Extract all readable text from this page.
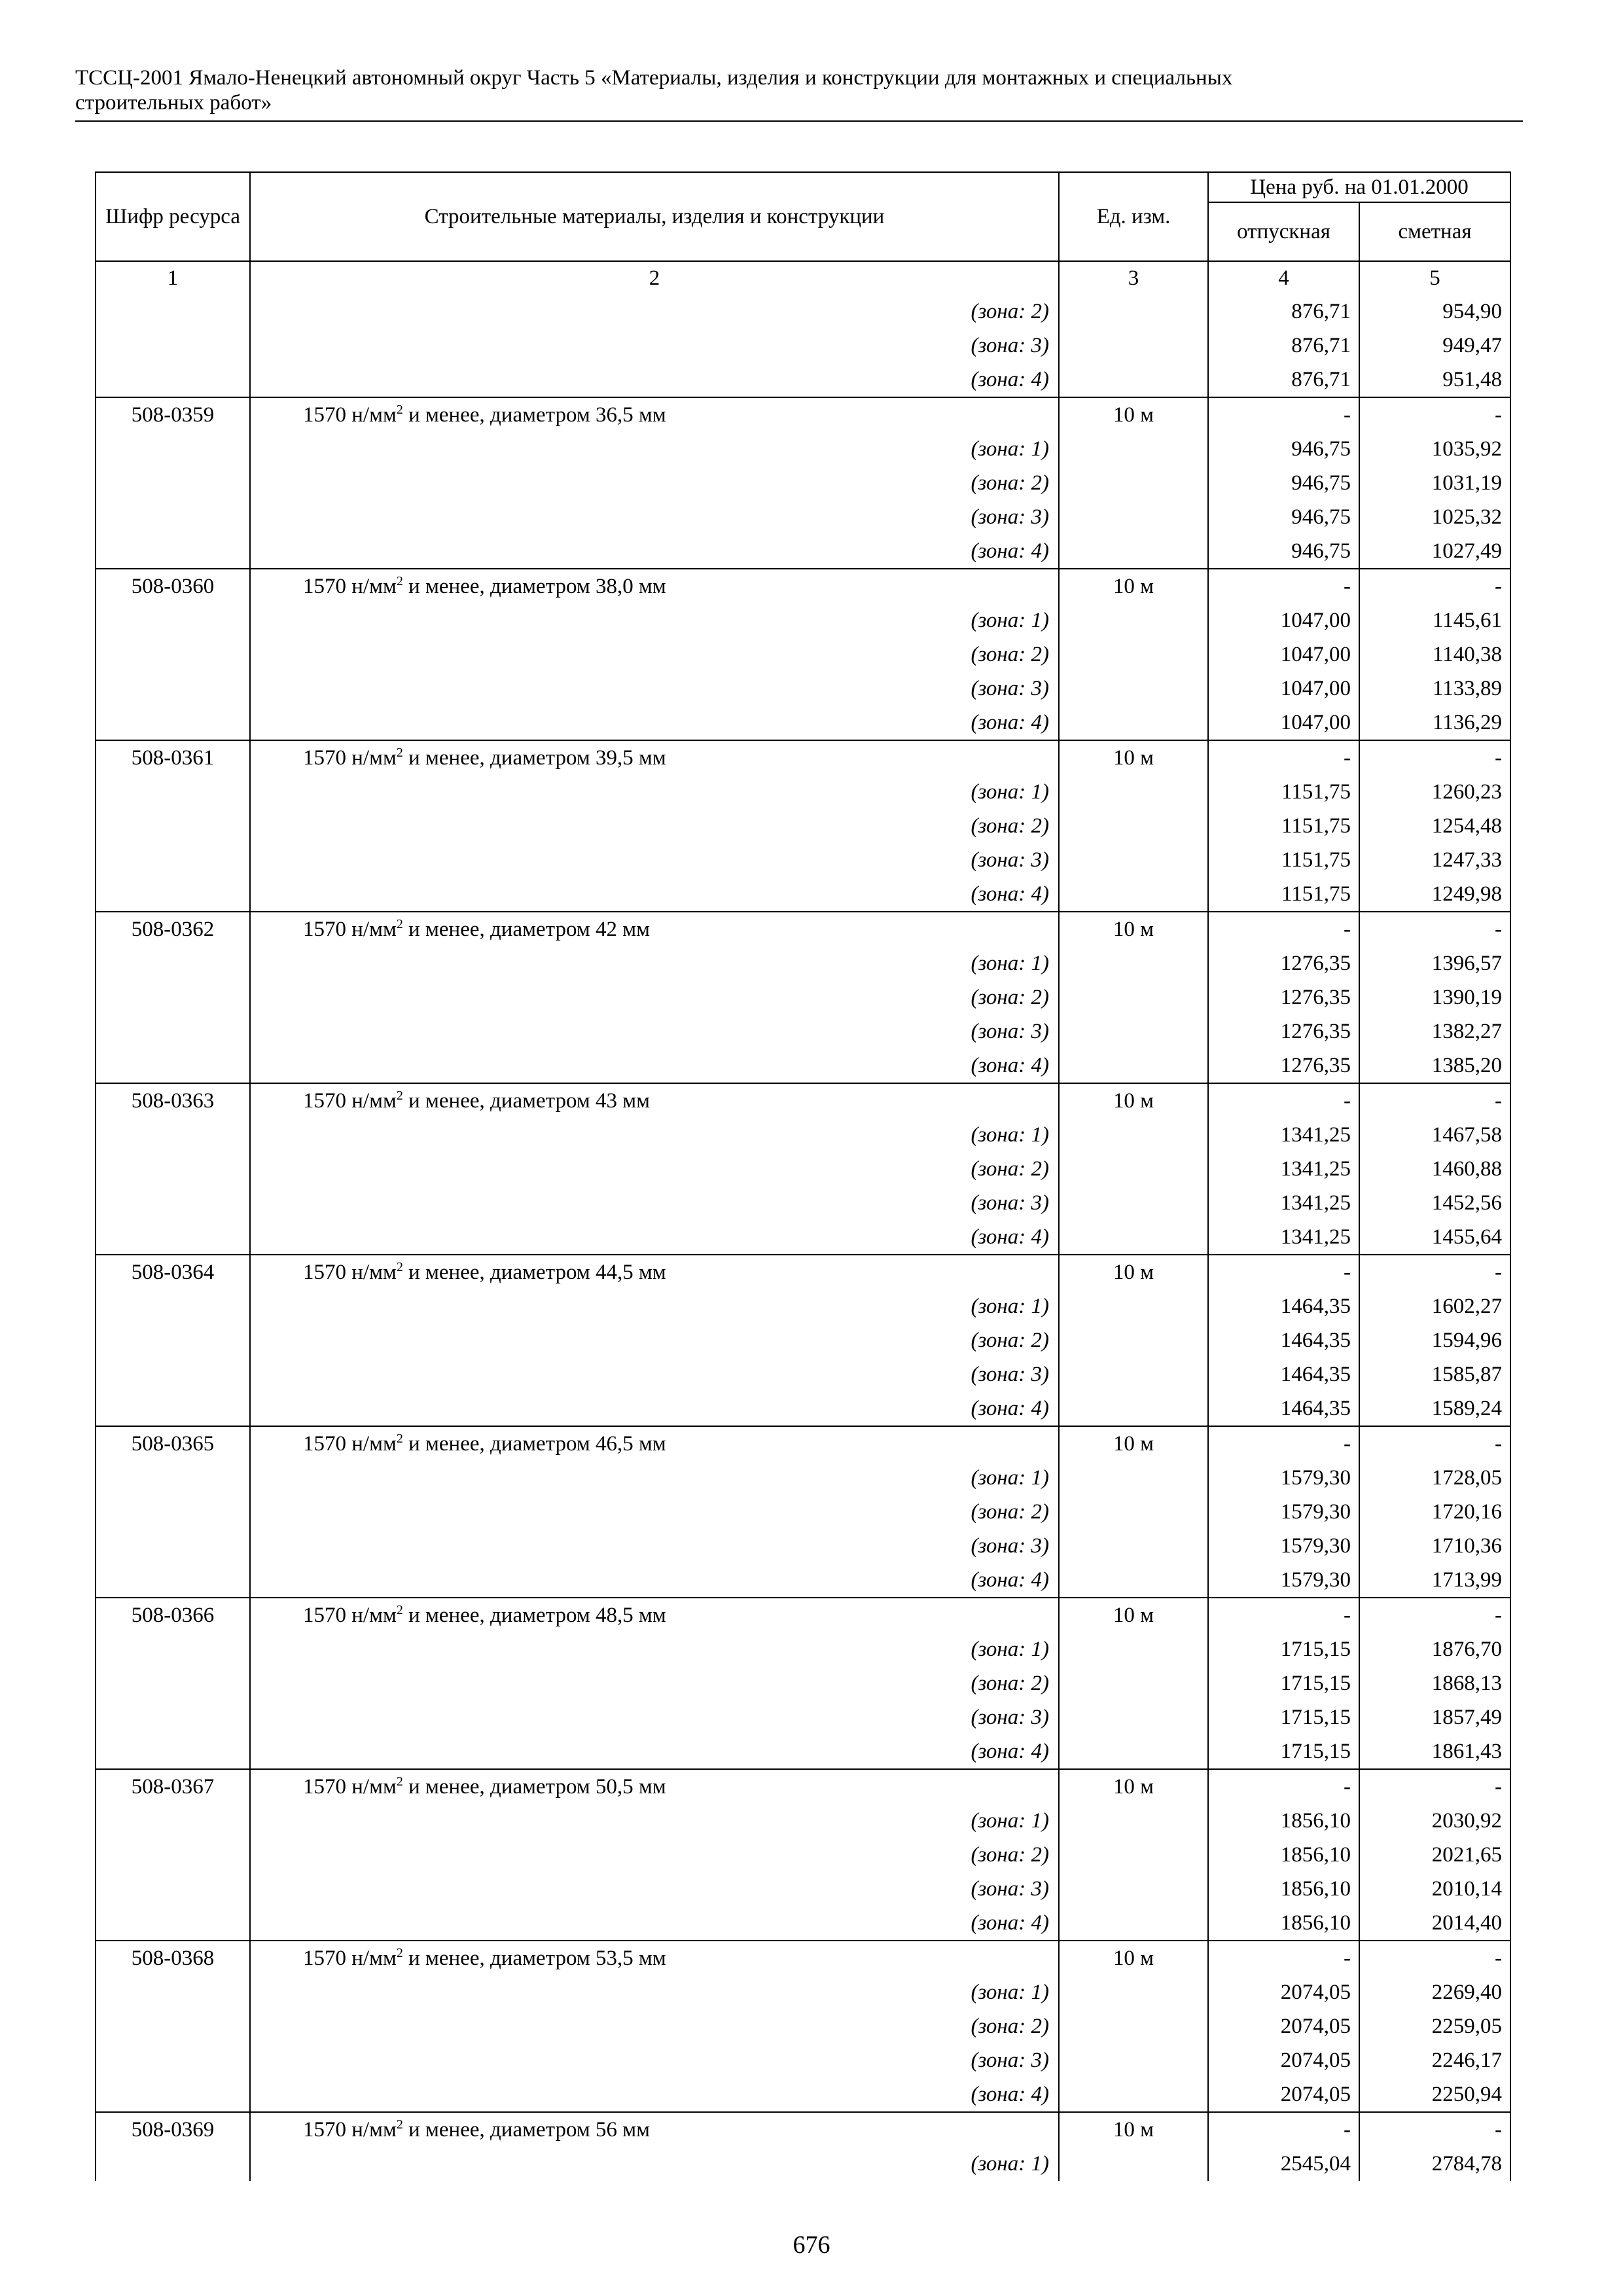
ТССЦ-2001 Ямало-Ненецкий автономный округ Часть 5 «Материалы, изделия и конструкции для монтажных и специальных
строительных работ»
Шифр ресурса	Строительные материалы, изделия и конструкции	Ед. изм.	Цена руб. на 01.01.2000	
			отпускная	сметная
1	2	3	4	5
	(зона: 2)		876,71	954,90
	(зона: 3)		876,71	949,47
	(зона: 4)		876,71	951,48
508-0359	1570 $н/мм^2$ и менее, диаметром 36,5 мм	10 м	-	-
	(зона: 1)		946,75	1035,92
	(зона: 2)		946,75	1031,19
	(зона: 3)		946,75	1025,32
	(зона: 4)		946,75	1027,49
508-0360	1570 $н/мм^2$ и менее, диаметром 38,0 мм	10 м	-	-
	(зона: 1)		1047,00	1145,61
	(зона: 2)		1047,00	1140,38
	(зона: 3)		1047,00	1133,89
	(зона: 4)		1047,00	1136,29
508-0361	1570 $н/мм^2$ и менее, диаметром 39,5 мм	10 м	-	-
	(зона: 1)		1151,75	1260,23
	(зона: 2)		1151,75	1254,48
	(зона: 3)		1151,75	1247,33
	(зона: 4)		1151,75	1249,98
508-0362	1570 $н/мм^2$ и менее, диаметром 42 мм	10 м	-	-
	(зона: 1)		1276,35	1396,57
	(зона: 2)		1276,35	1390,19
	(зона: 3)		1276,35	1382,27
	(зона: 4)		1276,35	1385,20
508-0363	1570 $н/мм^2$ и менее, диаметром 43 мм	10 м	-	-
	(зона: 1)		1341,25	1467,58
	(зона: 2)		1341,25	1460,88
	(зона: 3)		1341,25	1452,56
	(зона: 4)		1341,25	1455,64
508-0364	1570 $н/мм^2$ и менее, диаметром 44,5 мм	10 м	-	-
	(зона: 1)		1464,35	1602,27
	(зона: 2)		1464,35	1594,96
	(зона: 3)		1464,35	1585,87
	(зона: 4)		1464,35	1589,24
508-0365	1570 $н/мм^2$ и менее, диаметром 46,5 мм	10 м	-	-
	(зона: 1)		1579,30	1728,05
	(зона: 2)		1579,30	1720,16
	(зона: 3)		1579,30	1710,36
	(зона: 4)		1579,30	1713,99
508-0366	1570 $н/мм^2$ и менее, диаметром 48,5 мм	10 м	-	-
	(зона: 1)		1715,15	1876,70
	(зона: 2)		1715,15	1868,13
	(зона: 3)		1715,15	1857,49
	(зона: 4)		1715,15	1861,43
508-0367	1570 $н/мм^2$ и менее, диаметром 50,5 мм	10 м	-	-
	(зона: 1)		1856,10	2030,92
	(зона: 2)		1856,10	2021,65
	(зона: 3)		1856,10	2010,14
	(зона: 4)		1856,10	2014,40
508-0368	1570 $н/мм^2$ и менее, диаметром 53,5 мм	10 м	-	-
	(зона: 1)		2074,05	2269,40
	(зона: 2)		2074,05	2259,05
	(зона: 3)		2074,05	2246,17
	(зона: 4)		2074,05	2250,94
508-0369	1570 $н/мм^2$ и менее, диаметром 56 мм	10 м	-	-
	(зона: 1)		2545,04	2784,78
676
